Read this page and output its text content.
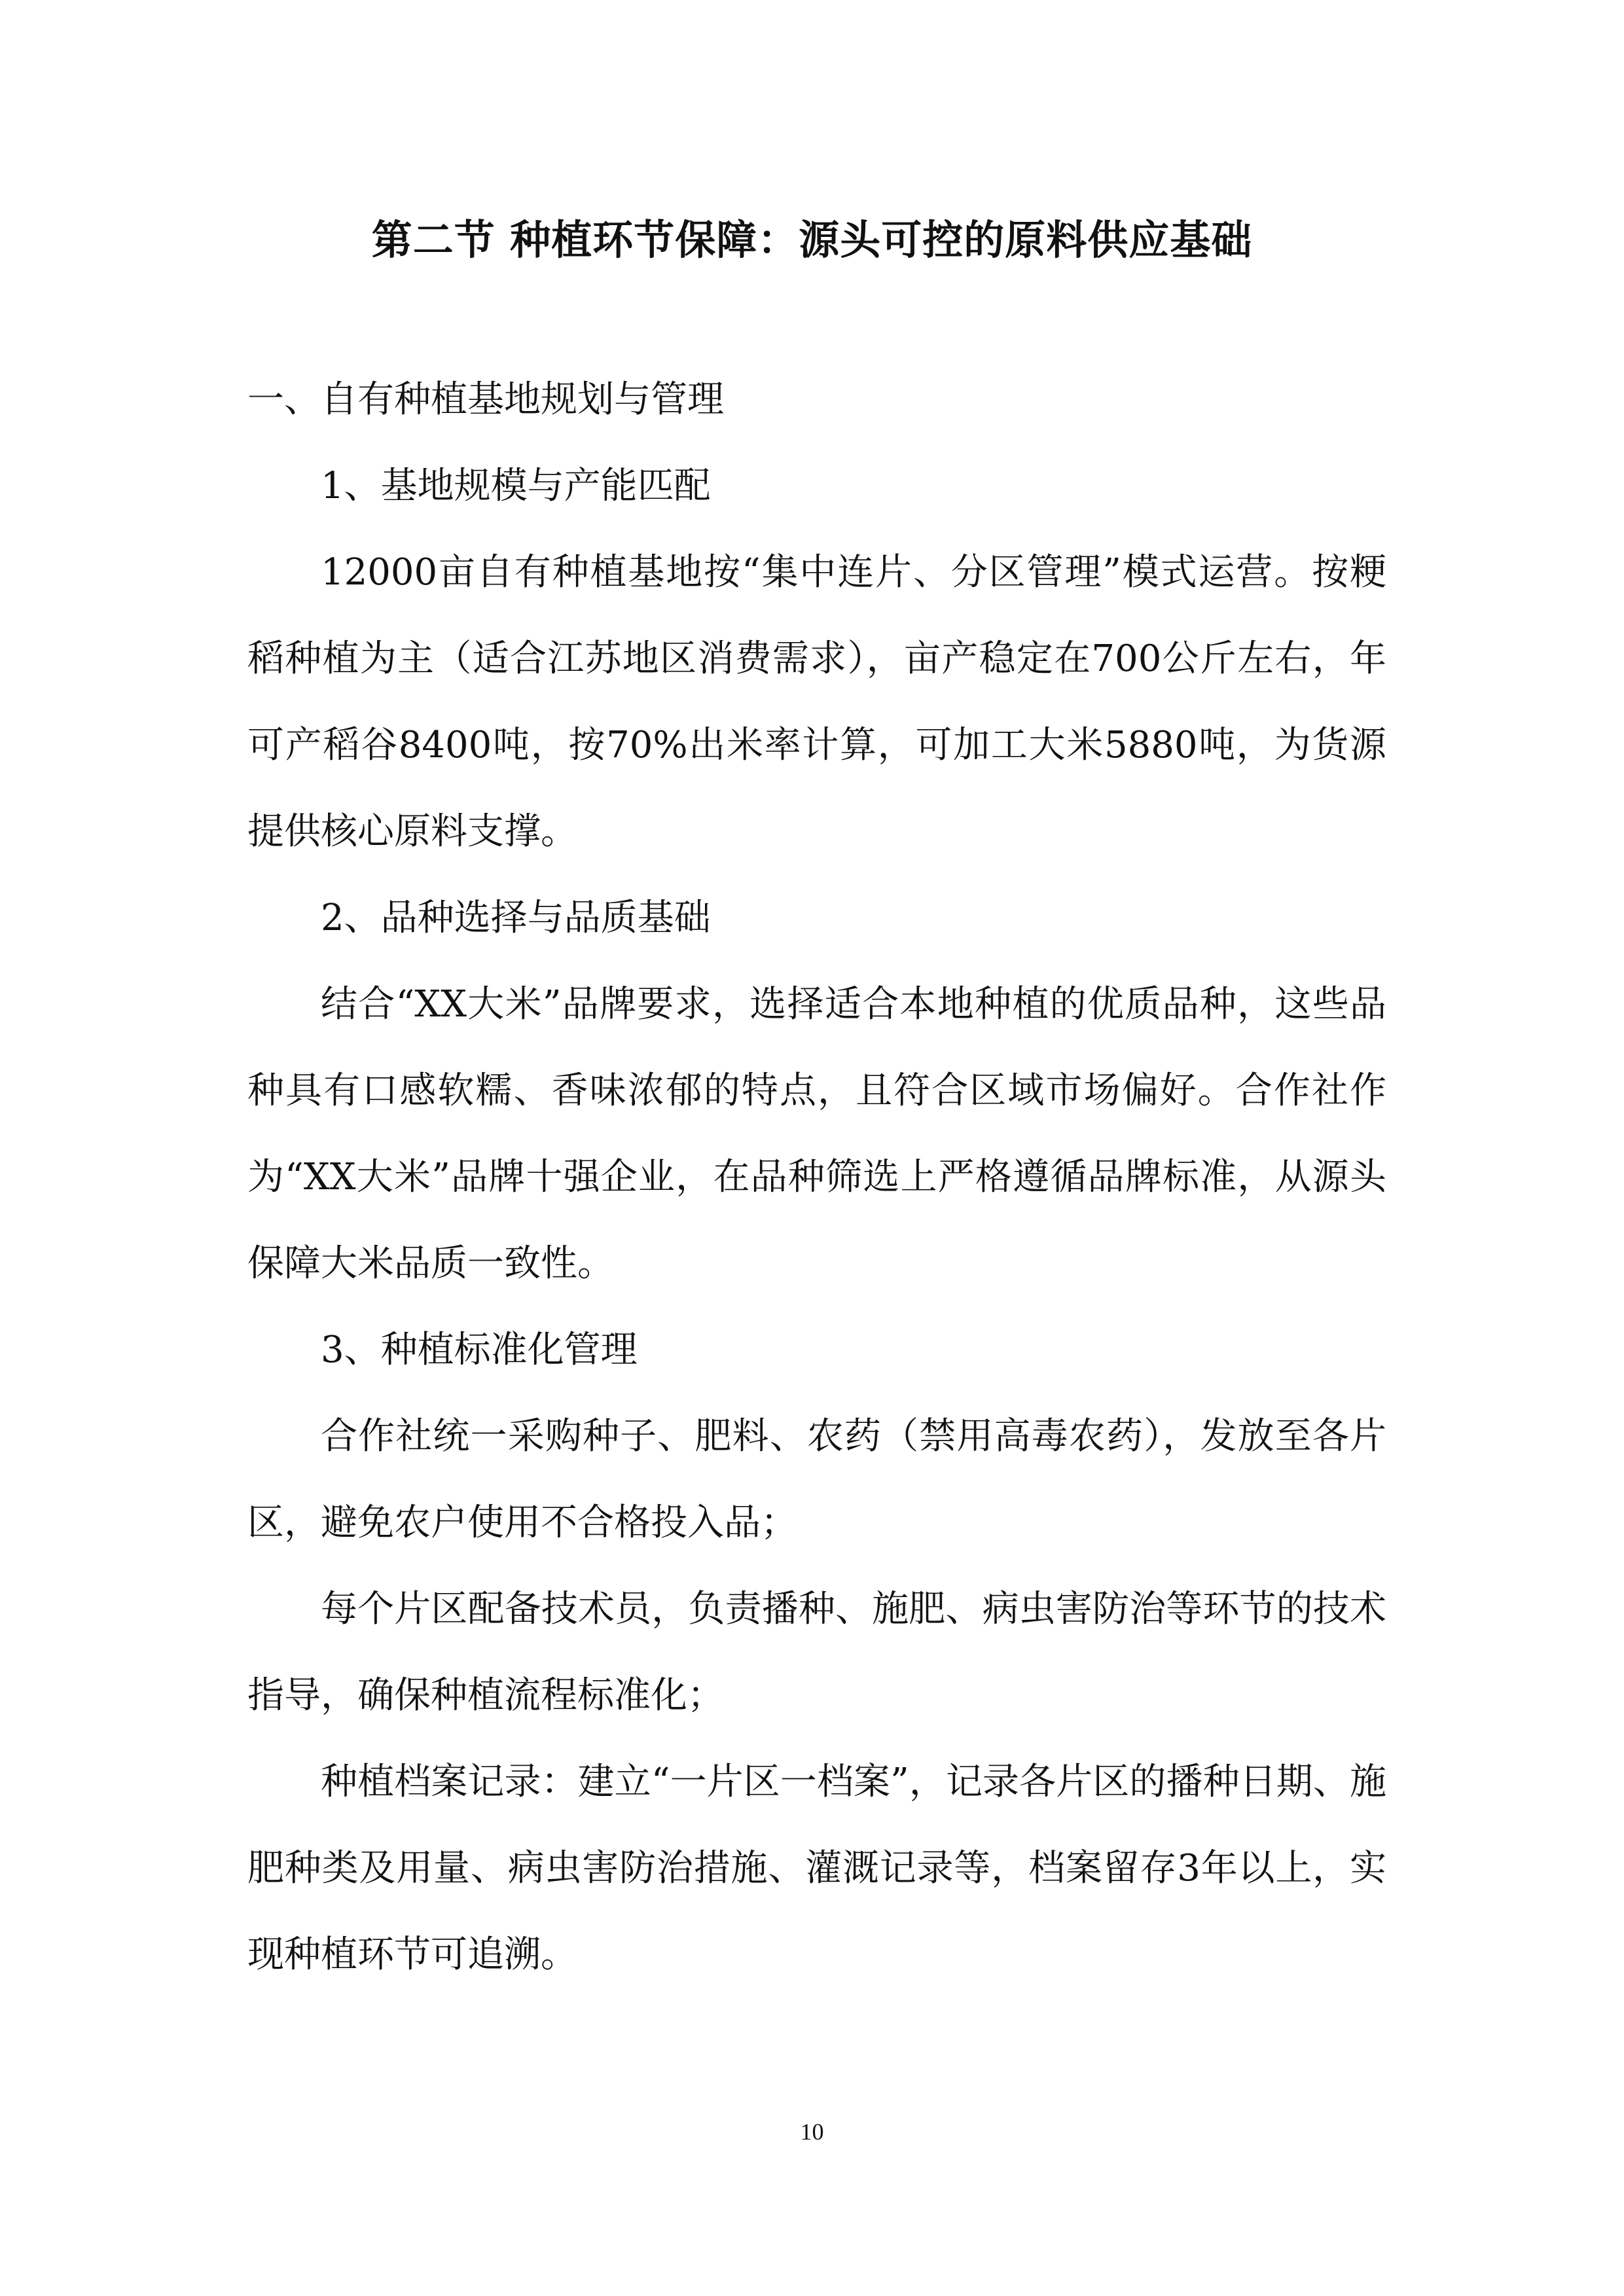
第二节 种植环节保障：源头可控的原料供应基础

一、自有种植基地规划与管理

1、基地规模与产能匹配

12000亩自有种植基地按“集中连片、分区管理”模式运营。按粳稻种植为主（适合江苏地区消费需求），亩产稳定在700公斤左右，年可产稻谷8400吨，按70%出米率计算，可加工大米5880吨，为货源提供核心原料支撑。

2、品种选择与品质基础

结合“XX大米”品牌要求，选择适合本地种植的优质品种，这些品种具有口感软糯、香味浓郁的特点，且符合区域市场偏好。合作社作为“XX大米”品牌十强企业，在品种筛选上严格遵循品牌标准，从源头保障大米品质一致性。

3、种植标准化管理

合作社统一采购种子、肥料、农药（禁用高毒农药），发放至各片区，避免农户使用不合格投入品；

每个片区配备技术员，负责播种、施肥、病虫害防治等环节的技术指导，确保种植流程标准化；

种植档案记录：建立“一片区一档案”，记录各片区的播种日期、施肥种类及用量、病虫害防治措施、灌溉记录等，档案留存3年以上，实现种植环节可追溯。

10
